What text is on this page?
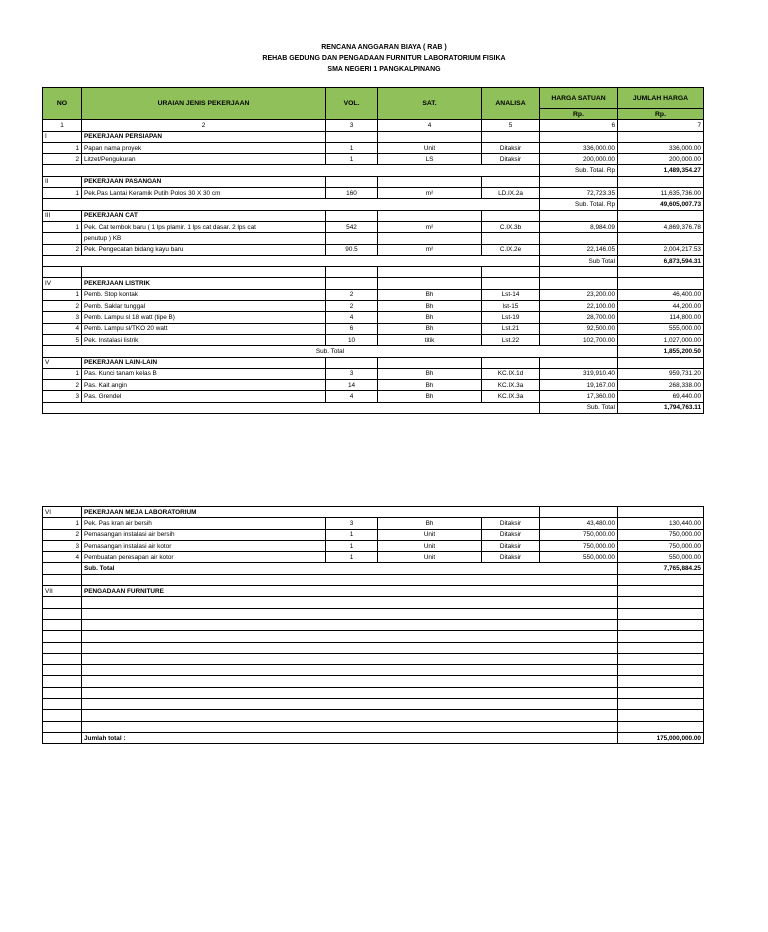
RENCANA ANGGARAN BIAYA ( RAB )
REHAB GEDUNG DAN PENGADAAN FURNITUR LABORATORIUM FISIKA
SMA NEGERI 1 PANGKALPINANG
NO	URAIAN JENIS PEKERJAAN	VOL.	SAT.	ANALISA	HARGA SATUAN	JUMLAH HARGA
					Rp.	Rp.
1	2	3	4	5	6	7
I	PEKERJAAN PERSIAPAN					
1	Papan nama proyek	1	Unit	Ditaksir	336,000.00	336,000.00
2	Litzet/Pengukuran	1	LS	Ditaksir	200,000.00	200,000.00
					Sub. Total. Rp	1,489,354.27
II	PEKERJAAN PASANGAN					
1	Pek.Pas Lantai Keramik Putih Polos 30 X 30 cm	160	m²	LD.IX.2a	72,723.35	11,635,736.00
					Sub. Total. Rp	49,605,007.73
III	PEKERJAAN CAT					
1	Pek. Cat tembok baru ( 1 lps plamir. 1 lps cat dasar. 2 lps cat	542	m²	C.IX.3b	8,984.09	4,869,376.78
	penutup ) KB					
2	Pek. Pengecatan bidang kayu baru	90.5	m²	C.IX.2e	22,146.05	2,004,217.53
					Sub Total	6,873,594.31

IV	PEKERJAAN LISTRIK					
1	Pemb. Stop kontak	2	Bh	Lst-14	23,200.00	46,400.00
2	Pemb. Saklar tunggal	2	Bh	lst-15	22,100.00	44,200.00
3	Pemb. Lampu sl 18 watt (tipe B)	4	Bh	Lst-19	28,700.00	114,800.00
4	Pemb. Lampu sl/TKO 20 watt	6	Bh	Lst.21	92,500.00	555,000.00
5	Pek. Instalasi listrik	10	titik	Lst.22	102,700.00	1,027,000.00
Sub. Total						1,855,200.50
V	PEKERJAAN LAIN-LAIN					
1	Pas. Kunci tanam kelas B	3	Bh	KC.IX.1d	319,910.40	959,731.20
2	Pas. Kait angin	14	Bh	KC.IX.3a	19,167.00	268,338.00
3	Pas. Grendel	4	Bh	KC.IX.3a	17,360.00	69,440.00
					Sub. Total	1,794,763.11
VI	PEKERJAAN MEJA LABORATORIUM					
1	Pek. Pas kran air bersih	3	Bh	Ditaksir	43,480.00	130,440.00
2	Pemasangan instalasi air bersih	1	Unit	Ditaksir	750,000.00	750,000.00
3	Pemasangan instalasi air kotor	1	Unit	Ditaksir	750,000.00	750,000.00
4	Pembuatan peresapan air kotor	1	Unit	Ditaksir	550,000.00	550,000.00
	Sub. Total					7,765,884.25

VII	PENGADAAN FURNITURE					

	Jumlah total :					175,000,000.00
